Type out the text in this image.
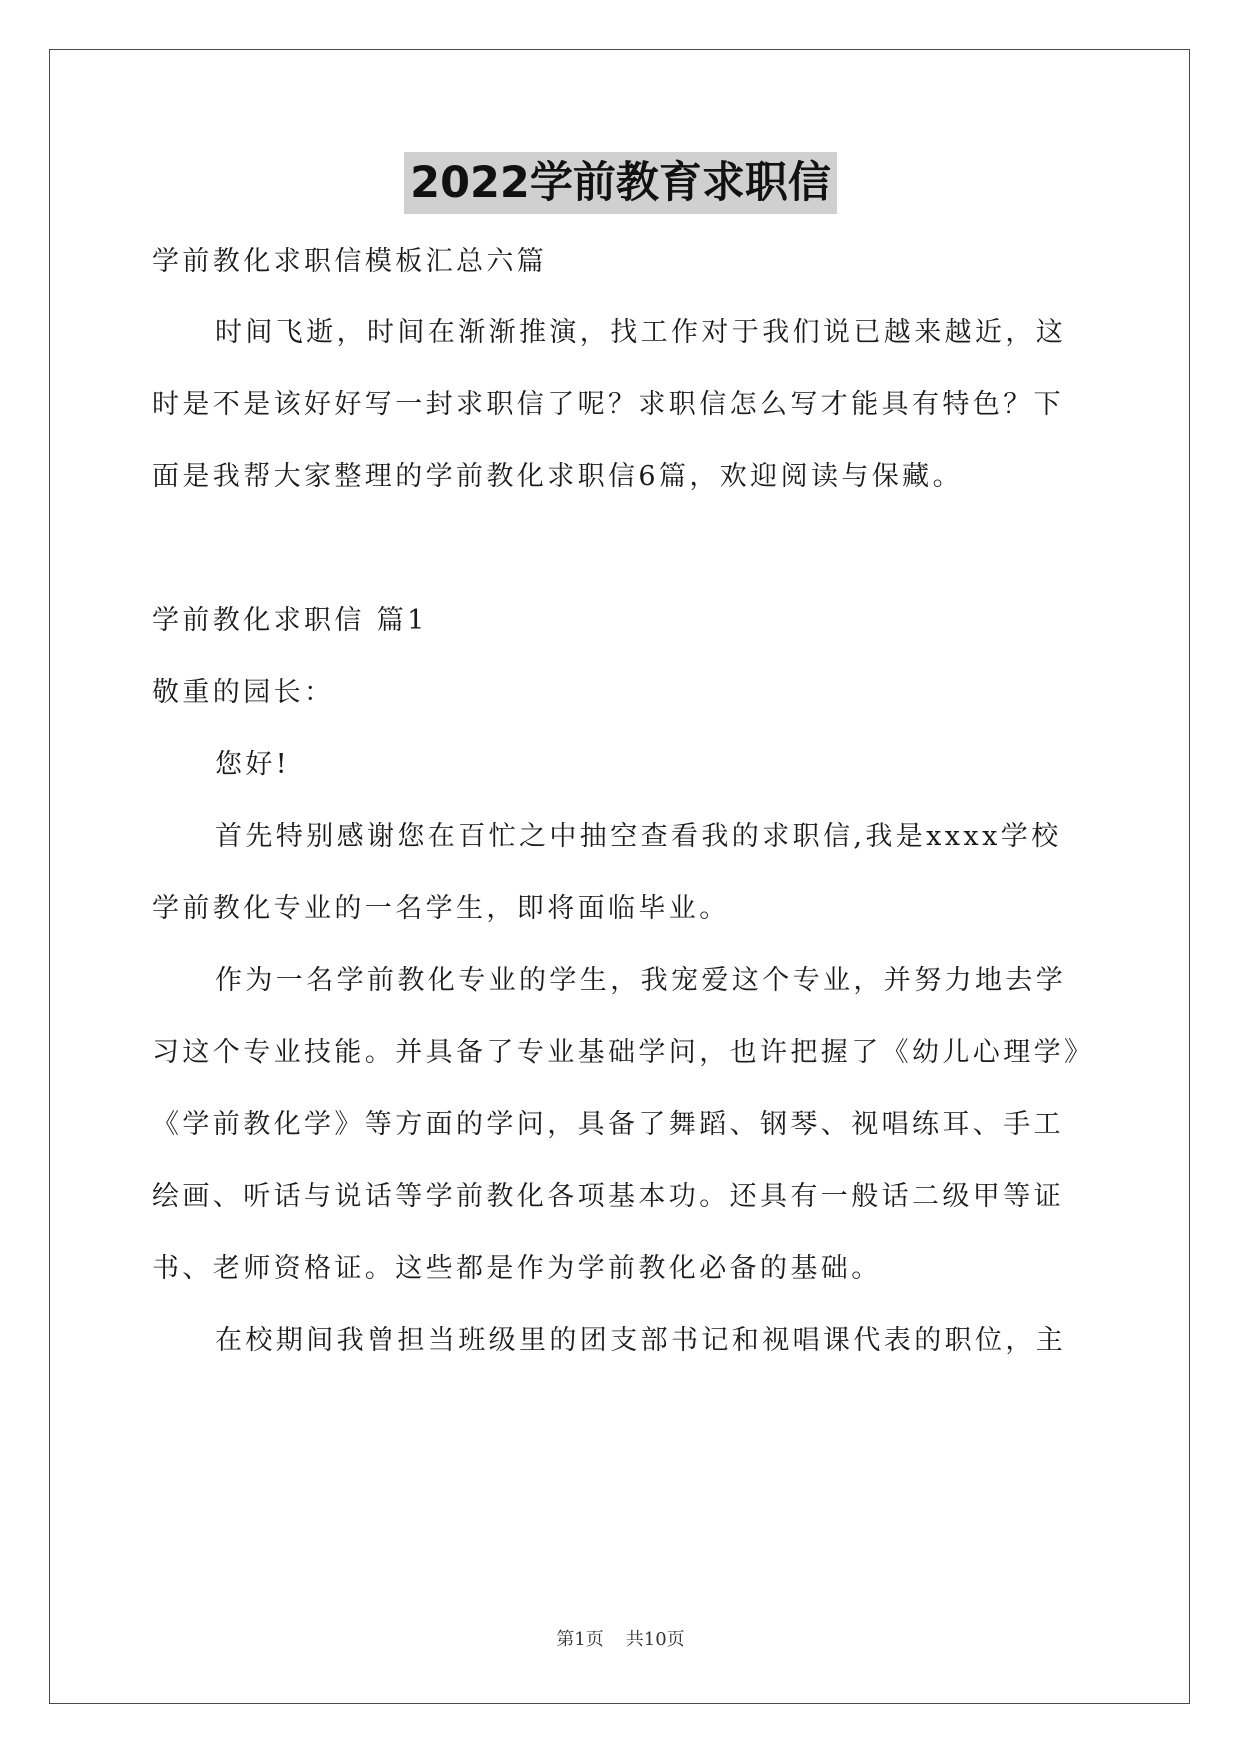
2022学前教育求职信

学前教化求职信模板汇总六篇

时间飞逝，时间在渐渐推演，找工作对于我们说已越来越近，这

时是不是该好好写一封求职信了呢？求职信怎么写才能具有特色？下

面是我帮大家整理的学前教化求职信6篇，欢迎阅读与保藏。

学前教化求职信 篇1

敬重的园长：

您好!

首先特别感谢您在百忙之中抽空查看我的求职信,我是xxxx学校

学前教化专业的一名学生，即将面临毕业。

作为一名学前教化专业的学生，我宠爱这个专业，并努力地去学

习这个专业技能。并具备了专业基础学问，也许把握了《幼儿心理学》

《学前教化学》等方面的学问，具备了舞蹈、钢琴、视唱练耳、手工

绘画、听话与说话等学前教化各项基本功。还具有一般话二级甲等证

书、老师资格证。这些都是作为学前教化必备的基础。

在校期间我曾担当班级里的团支部书记和视唱课代表的职位，主

第1页 共10页
